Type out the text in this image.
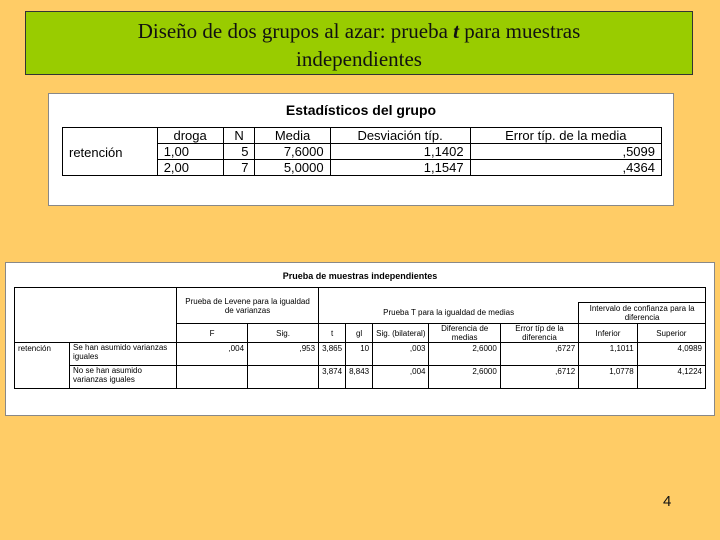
Diseño de dos grupos al azar: prueba t para muestras
independientes
Estadísticos del grupo
	droga	N	Media	Desviación típ.	Error típ. de la media
retención	1,00	5	7,6000	1,1402	,5099
	2,00	7	5,0000	1,1547	,4364
Prueba de muestras independientes
		Prueba de Levene para la igualdad de varianzas								
				Prueba T para la igualdad de medias					Intervalo de confianza para la diferencia	
		F	Sig.	t	gl	Sig. (bilateral)	Diferencia de medias	Error típ de la diferencia	Inferior	Superior
retención	Se han asumido varianzas iguales	,004	,953	3,865	10	,003	2,6000	,6727	1,1011	4,0989
	No se han asumido varianzas iguales			3,874	8,843	,004	2,6000	,6712	1,0778	4,1224
4
